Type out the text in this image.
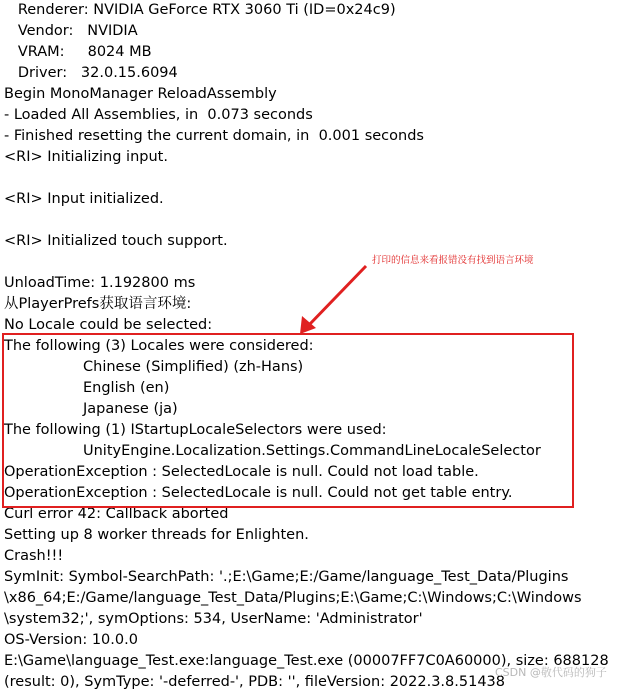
Renderer: NVIDIA GeForce RTX 3060 Ti (ID=0x24c9)
Vendor:   NVIDIA
VRAM:     8024 MB
Driver:   32.0.15.6094
Begin MonoManager ReloadAssembly
- Loaded All Assemblies, in  0.073 seconds
- Finished resetting the current domain, in  0.001 seconds
<RI> Initializing input.
<RI> Input initialized.
<RI> Initialized touch support.
UnloadTime: 1.192800 ms
从PlayerPrefs获取语言环境:
No Locale could be selected:
The following (3) Locales were considered:
Chinese (Simplified) (zh-Hans)
English (en)
Japanese (ja)
The following (1) IStartupLocaleSelectors were used:
UnityEngine.Localization.Settings.CommandLineLocaleSelector
OperationException : SelectedLocale is null. Could not load table.
OperationException : SelectedLocale is null. Could not get table entry.
Curl error 42: Callback aborted
Setting up 8 worker threads for Enlighten.
Crash!!!
SymInit: Symbol-SearchPath: '.;E:\Game;E:/Game/language_Test_Data/Plugins
\x86_64;E:/Game/language_Test_Data/Plugins;E:\Game;C:\Windows;C:\Windows
\system32;', symOptions: 534, UserName: 'Administrator'
OS-Version: 10.0.0
E:\Game\language_Test.exe:language_Test.exe (00007FF7C0A60000), size: 688128
(result: 0), SymType: '-deferred-', PDB: '', fileVersion: 2022.3.8.51438
打印的信息来看报错没有找到语言环境
CSDN @敬代码的狗子
